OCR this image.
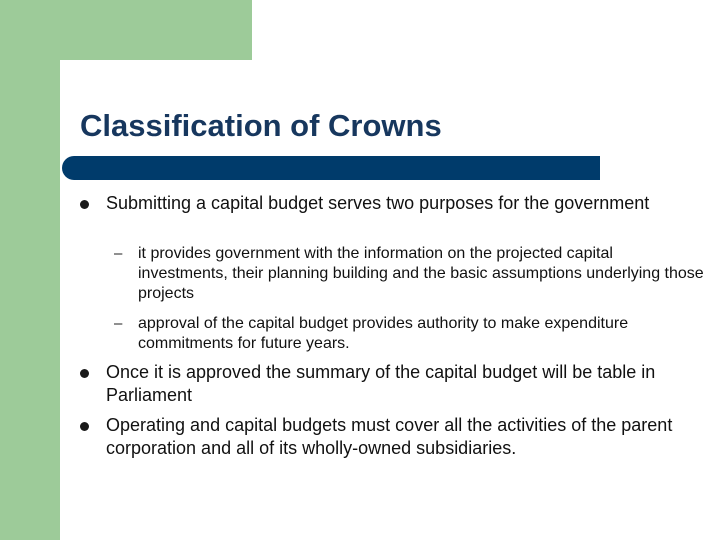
Classification of Crowns
Submitting a capital budget serves two purposes for the government
– it provides government with the information on the projected capital investments, their planning building and the basic assumptions underlying those projects
– approval of the capital budget provides authority to make expenditure commitments for future years.
Once it is approved the summary of the capital budget will be table in Parliament
Operating and capital budgets must cover all the activities of the parent corporation and all of its wholly-owned subsidiaries.
